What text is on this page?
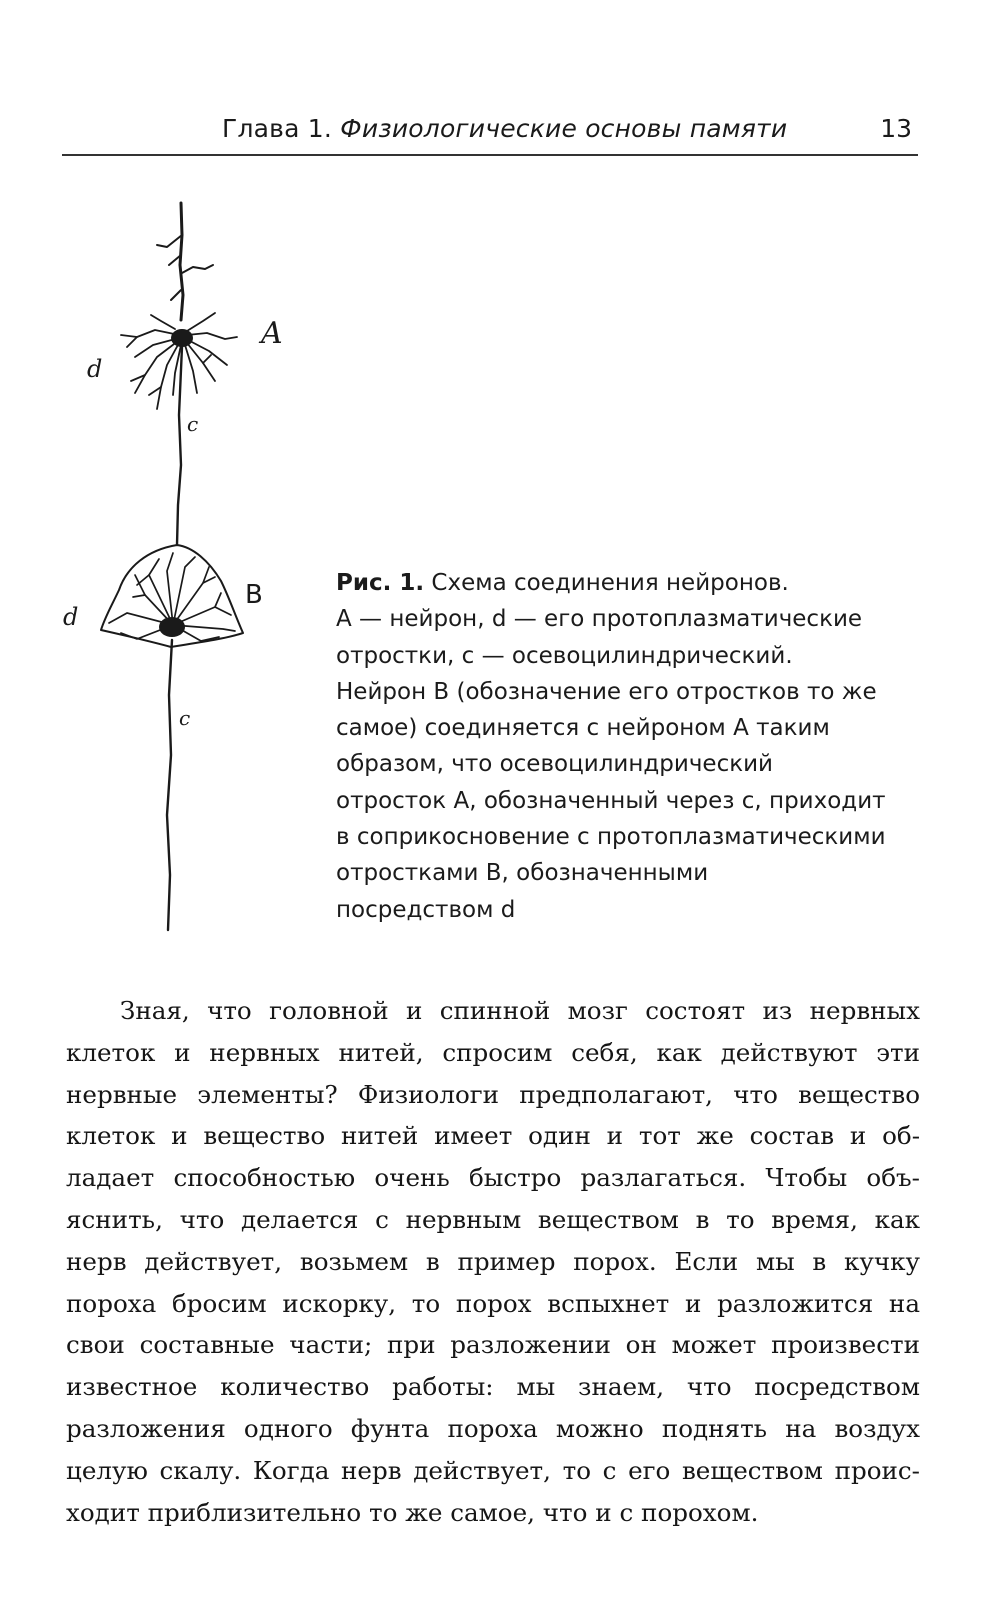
Глава 1. Физиологические основы памяти	13
A
d
c
B
d
c
Рис. 1. Схема соединения нейронов.
A — нейрон, d — его протоплазматические
отростки, c — осевоцилиндрический.
Нейрон B (обозначение его отростков то же
самое) соединяется с нейроном A таким
образом, что осевоцилиндрический
отросток A, обозначенный через c, приходит
в соприкосновение с протоплазматическими
отростками B, обозначенными
посредством d
Зная, что головной и спинной мозг состоят из нервных
клеток и нервных нитей, спросим себя, как действуют эти
нервные элементы? Физиологи предполагают, что вещество
клеток и вещество нитей имеет один и тот же состав и об-
ладает способностью очень быстро разлагаться. Чтобы объ-
яснить, что делается с нервным веществом в то время, как
нерв действует, возьмем в пример порох. Если мы в кучку
пороха бросим искорку, то порох вспыхнет и разложится на
свои составные части; при разложении он может произвести
известное количество работы: мы знаем, что посредством
разложения одного фунта пороха можно поднять на воздух
целую скалу. Когда нерв действует, то с его веществом проис-
ходит приблизительно то же самое, что и с порохом.
